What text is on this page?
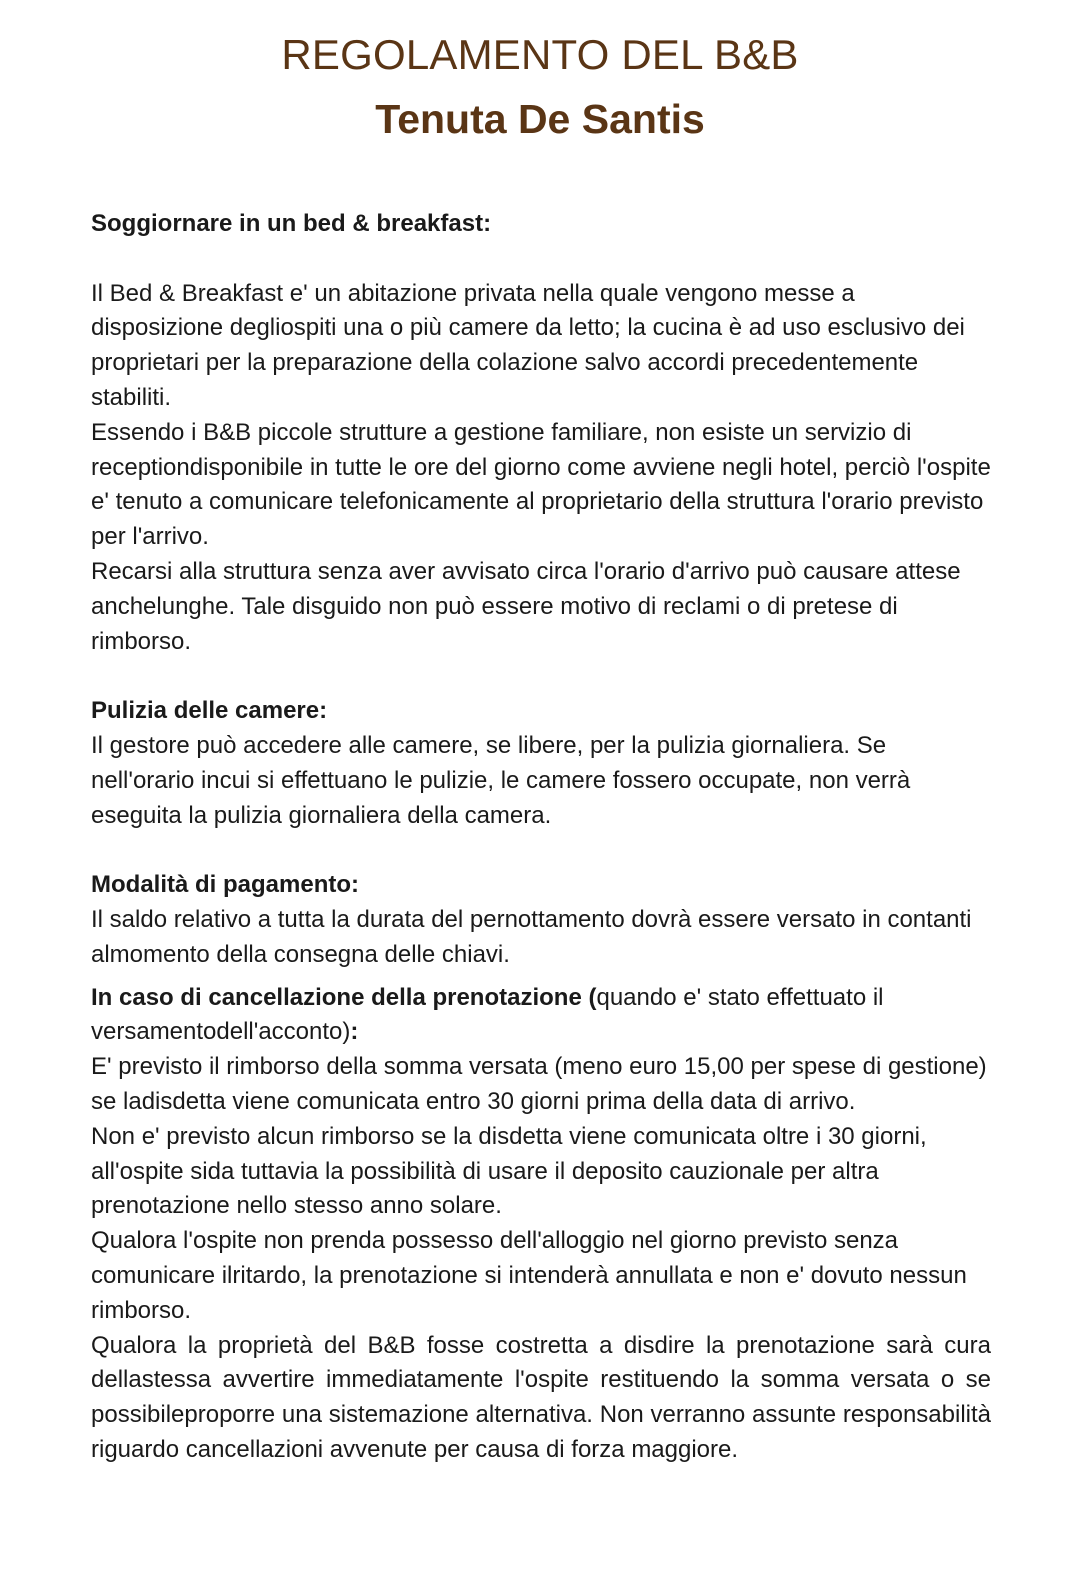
REGOLAMENTO DEL B&B
Tenuta De Santis

Soggiornare in un bed & breakfast:

Il Bed & Breakfast e' un abitazione privata nella quale vengono messe a disposizione degliospiti una o più camere da letto; la cucina è ad uso esclusivo dei proprietari per la preparazione della colazione salvo accordi precedentemente stabiliti.

Essendo i B&B piccole strutture a gestione familiare, non esiste un servizio di receptiondisponibile in tutte le ore del giorno come avviene negli hotel, perciò l'ospite e' tenuto a comunicare telefonicamente al proprietario della struttura l'orario previsto per l'arrivo.

Recarsi alla struttura senza aver avvisato circa l'orario d'arrivo può causare attese anchelunghe. Tale disguido non può essere motivo di reclami o di pretese di rimborso.

Pulizia delle camere:

Il gestore può accedere alle camere, se libere, per la pulizia giornaliera. Se nell'orario incui si effettuano le pulizie, le camere fossero occupate, non verrà eseguita la pulizia giornaliera della camera.

Modalità di pagamento:

Il saldo relativo a tutta la durata del pernottamento dovrà essere versato in contanti almomento della consegna delle chiavi.

In caso di cancellazione della prenotazione (quando e' stato effettuato il versamentodell'acconto):

E' previsto il rimborso della somma versata (meno euro 15,00 per spese di gestione) se ladisdetta viene comunicata entro 30 giorni prima della data di arrivo.

Non e' previsto alcun rimborso se la disdetta viene comunicata oltre i 30 giorni, all'ospite sida tuttavia la possibilità di usare il deposito cauzionale per altra prenotazione nello stesso anno solare.

Qualora l'ospite non prenda possesso dell'alloggio nel giorno previsto senza comunicare ilritardo, la prenotazione si intenderà annullata e non e' dovuto nessun rimborso.

Qualora la proprietà del B&B fosse costretta a disdire la prenotazione sarà cura dellastessa avvertire immediatamente l'ospite restituendo la somma versata o se possibileproporre una sistemazione alternativa. Non verranno assunte responsabilità riguardo cancellazioni avvenute per causa di forza maggiore.
